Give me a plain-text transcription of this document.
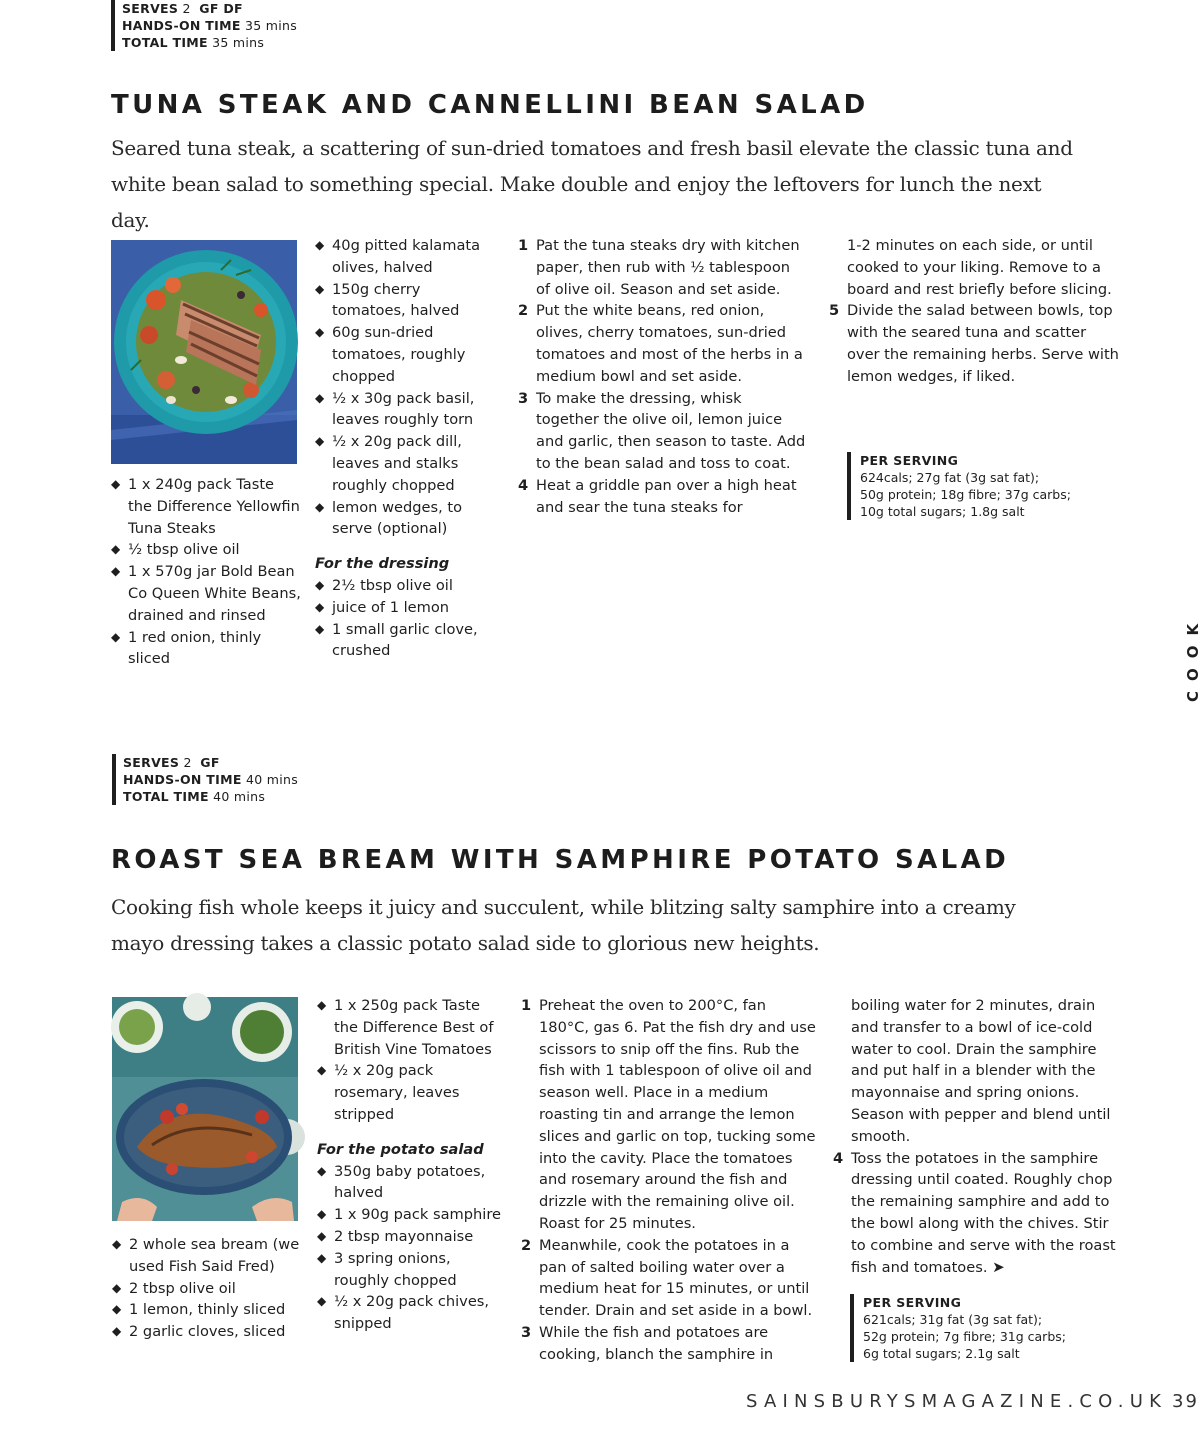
SERVES 2 GF DF
HANDS-ON TIME 35 mins
TOTAL TIME 35 mins
TUNA STEAK AND CANNELLINI BEAN SALAD
Seared tuna steak, a scattering of sun-dried tomatoes and fresh basil elevate the classic tuna and white bean salad to something special. Make double and enjoy the leftovers for lunch the next day.
◆ 1 x 240g pack Taste the Difference Yellowfin Tuna Steaks
◆ ½ tbsp olive oil
◆ 1 x 570g jar Bold Bean Co Queen White Beans, drained and rinsed
◆ 1 red onion, thinly sliced
◆ 40g pitted kalamata olives, halved
◆ 150g cherry tomatoes, halved
◆ 60g sun-dried tomatoes, roughly chopped
◆ ½ x 30g pack basil, leaves roughly torn
◆ ½ x 20g pack dill, leaves and stalks roughly chopped
◆ lemon wedges, to serve (optional)
For the dressing
◆ 2½ tbsp olive oil
◆ juice of 1 lemon
◆ 1 small garlic clove, crushed
1 Pat the tuna steaks dry with kitchen paper, then rub with ½ tablespoon of olive oil. Season and set aside.
2 Put the white beans, red onion, olives, cherry tomatoes, sun-dried tomatoes and most of the herbs in a medium bowl and set aside.
3 To make the dressing, whisk together the olive oil, lemon juice and garlic, then season to taste. Add to the bean salad and toss to coat.
4 Heat a griddle pan over a high heat and sear the tuna steaks for

1-2 minutes on each side, or until cooked to your liking. Remove to a board and rest briefly before slicing.

5 Divide the salad between bowls, top with the seared tuna and scatter over the remaining herbs. Serve with lemon wedges, if liked.
PER SERVING
624cals; 27g fat (3g sat fat);
50g protein; 18g fibre; 37g carbs;
10g total sugars; 1.8g salt
SERVES 2 GF
HANDS-ON TIME 40 mins
TOTAL TIME 40 mins
ROAST SEA BREAM WITH SAMPHIRE POTATO SALAD
Cooking fish whole keeps it juicy and succulent, while blitzing salty samphire into a creamy mayo dressing takes a classic potato salad side to glorious new heights.
◆ 2 whole sea bream (we used Fish Said Fred)
◆ 2 tbsp olive oil
◆ 1 lemon, thinly sliced
◆ 2 garlic cloves, sliced
◆ 1 x 250g pack Taste the Difference Best of British Vine Tomatoes
◆ ½ x 20g pack rosemary, leaves stripped
For the potato salad
◆ 350g baby potatoes, halved
◆ 1 x 90g pack samphire
◆ 2 tbsp mayonnaise
◆ 3 spring onions, roughly chopped
◆ ½ x 20g pack chives, snipped
1 Preheat the oven to 200°C, fan 180°C, gas 6. Pat the fish dry and use scissors to snip off the fins. Rub the fish with 1 tablespoon of olive oil and season well. Place in a medium roasting tin and arrange the lemon slices and garlic on top, tucking some into the cavity. Place the tomatoes and rosemary around the fish and drizzle with the remaining olive oil. Roast for 25 minutes.
2 Meanwhile, cook the potatoes in a pan of salted boiling water over a medium heat for 15 minutes, or until tender. Drain and set aside in a bowl.
3 While the fish and potatoes are cooking, blanch the samphire in

boiling water for 2 minutes, drain and transfer to a bowl of ice-cold water to cool. Drain the samphire and put half in a blender with the mayonnaise and spring onions. Season with pepper and blend until smooth.

4 Toss the potatoes in the samphire dressing until coated. Roughly chop the remaining samphire and add to the bowl along with the chives. Stir to combine and serve with the roast fish and tomatoes. ➤
PER SERVING
621cals; 31g fat (3g sat fat);
52g protein; 7g fibre; 31g carbs;
6g total sugars; 2.1g salt
COOK
SAINSBURYSMAGAZINE.CO.UK 39
